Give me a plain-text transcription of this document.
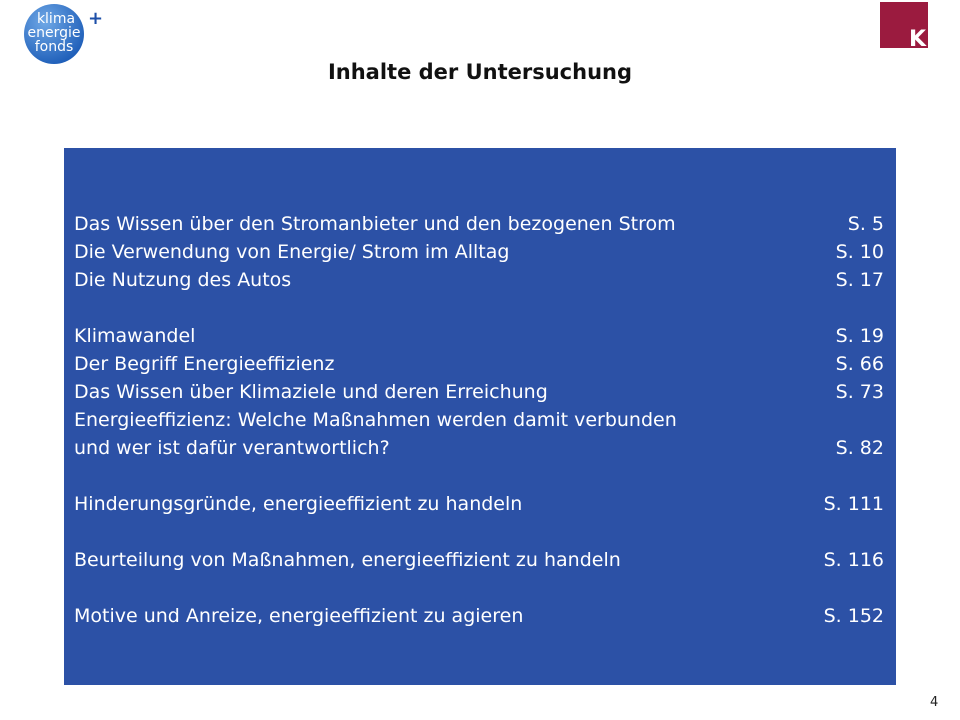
klima
energie
fonds
+
K
Inhalte der Untersuchung
Das Wissen über den Stromanbieter und den bezogenen Strom	S. 5
Die Verwendung von Energie/ Strom im Alltag	S. 10
Die Nutzung des Autos	S. 17
Klimawandel	S. 19
Der Begriff Energieeffizienz	S. 66
Das Wissen über Klimaziele und deren Erreichung	S. 73
Energieeffizienz: Welche Maßnahmen werden damit verbunden
und wer ist dafür verantwortlich?	S. 82
Hinderungsgründe, energieeffizient zu handeln	S. 111
Beurteilung von Maßnahmen, energieeffizient zu handeln	S. 116
Motive und Anreize, energieeffizient zu agieren	S. 152
4
